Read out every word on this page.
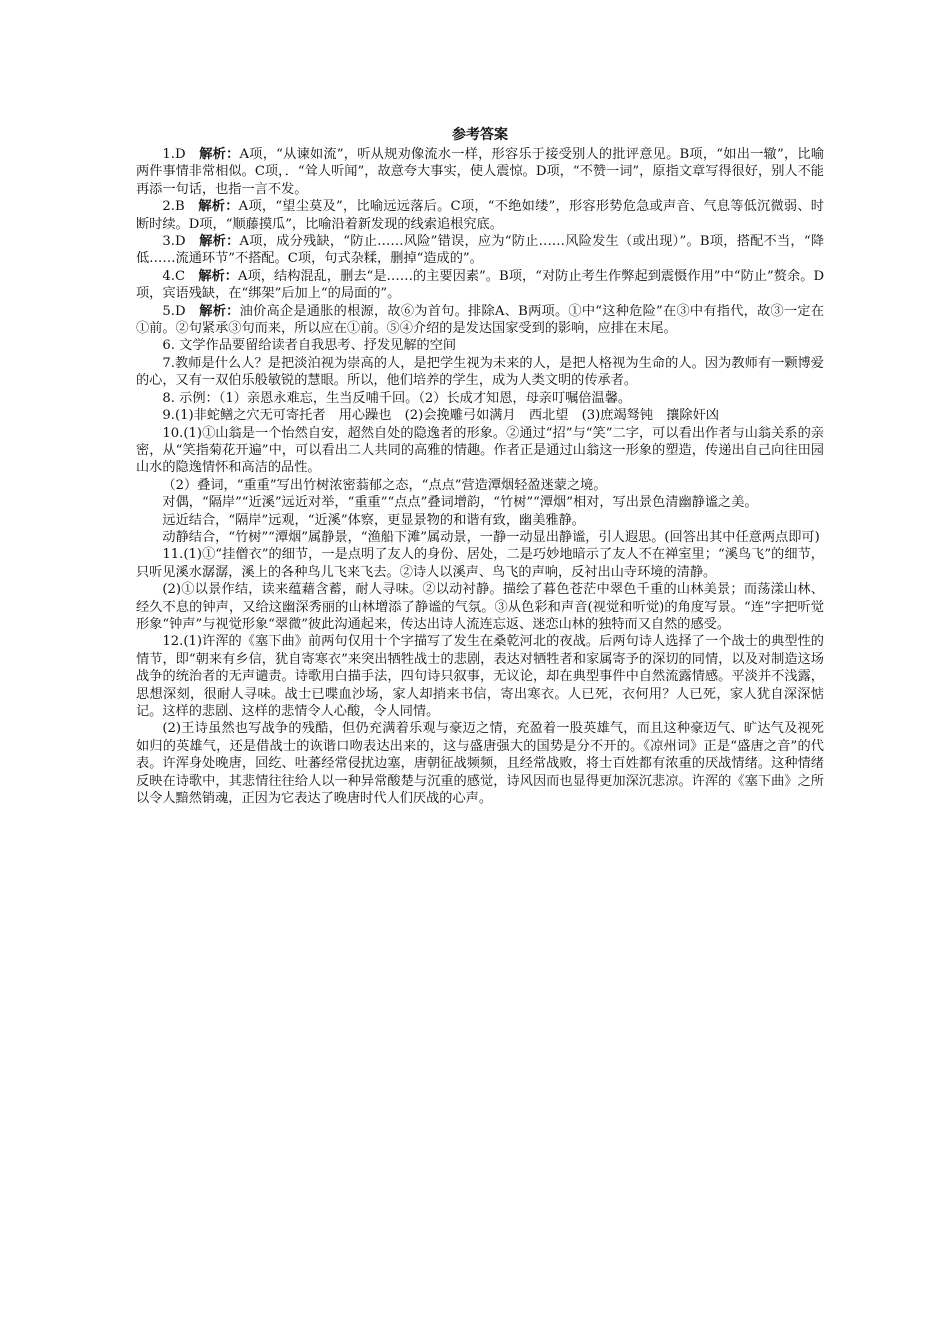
参考答案

1.D　 解析：A项，“从谏如流”，听从规劝像流水一样，形容乐于接受别人的批评意见。B项，“如出一辙”，比喻两件事情非常相似。C项，．“耸人听闻”，故意夸大事实，使人震惊。D项，“不赞一词”，原指文章写得很好，别人不能再添一句话，也指一言不发。

2.B　 解析：A项，“望尘莫及”，比喻远远落后。C项，“不绝如缕”，形容形势危急或声音、气息等低沉微弱、时断时续。D项，“顺藤摸瓜”，比喻沿着新发现的线索追根究底。

3.D　 解析：A项，成分残缺，“防止……风险”错误，应为“防止……风险发生（或出现）”。B项，搭配不当，“降低……流通环节”不搭配。C项，句式杂糅，删掉“造成的”。

4.C　 解析：A项，结构混乱，删去“是……的主要因素”。B项，“对防止考生作弊起到震慑作用”中“防止”赘余。D项，宾语残缺，在“绑架”后加上“的局面的”。

5.D　 解析：油价高企是通胀的根源，故⑥为首句。排除A、B两项。①中“这种危险”在③中有指代，故③一定在①前。②句紧承③句而来，所以应在①前。⑤④介绍的是发达国家受到的影响，应排在末尾。

6. 文学作品要留给读者自我思考、抒发见解的空间

7.教师是什么人？是把淡泊视为崇高的人，是把学生视为未来的人，是把人格视为生命的人。因为教师有一颗博爱的心，又有一双伯乐般敏锐的慧眼。所以，他们培养的学生，成为人类文明的传承者。

8. 示例：（1）亲恩永难忘，生当反哺千回。（2）长成才知恩，母亲叮嘱倍温馨。

9.(1)非蛇鳝之穴无可寄托者　用心躁也　(2)会挽雕弓如满月　西北望　(3)庶竭驽钝　攘除奸凶

10.(1)①山翁是一个怡然自安，超然自处的隐逸者的形象。②通过“招”与“笑”二字，可以看出作者与山翁关系的亲密，从“笑指菊花开遍”中，可以看出二人共同的高雅的情趣。作者正是通过山翁这一形象的塑造，传递出自己向往田园山水的隐逸情怀和高洁的品性。

（2）叠词，“重重”写出竹树浓密蓊郁之态，“点点”营造潭烟轻盈迷蒙之境。

对偶，“隔岸”“近溪”远近对举，“重重”“点点”叠词增韵，“竹树”“潭烟”相对，写出景色清幽静谧之美。

远近结合，“隔岸”远观，“近溪”体察，更显景物的和谐有致，幽美雅静。

动静结合，“竹树”“潭烟”属静景，“渔船下滩”属动景，一静一动显出静谧，引人遐思。(回答出其中任意两点即可)

11.(1)①“挂僧衣”的细节，一是点明了友人的身份、居处，二是巧妙地暗示了友人不在禅室里；“溪鸟飞”的细节，只听见溪水潺潺，溪上的各种鸟儿飞来飞去。②诗人以溪声、鸟飞的声响，反衬出山寺环境的清静。

(2)①以景作结，读来蕴藉含蓄，耐人寻味。②以动衬静。描绘了暮色苍茫中翠色千重的山林美景；而荡漾山林、经久不息的钟声，又给这幽深秀丽的山林增添了静谧的气氛。③从色彩和声音(视觉和听觉)的角度写景。“连”字把听觉形象“钟声”与视觉形象“翠微”彼此沟通起来，传达出诗人流连忘返、迷恋山林的独特而又自然的感受。

12.(1)许浑的《塞下曲》前两句仅用十个字描写了发生在桑乾河北的夜战。后两句诗人选择了一个战士的典型性的情节，即“朝来有乡信，犹自寄寒衣”来突出牺牲战士的悲剧，表达对牺牲者和家属寄予的深切的同情，以及对制造这场战争的统治者的无声谴责。诗歌用白描手法，四句诗只叙事，无议论，却在典型事件中自然流露情感。平淡并不浅露，思想深刻，很耐人寻味。战士已喋血沙场，家人却捎来书信，寄出寒衣。人已死，衣何用？人已死，家人犹自深深惦记。这样的悲剧、这样的悲情令人心酸，令人同情。

(2)王诗虽然也写战争的残酷，但仍充满着乐观与豪迈之情，充盈着一股英雄气，而且这种豪迈气、旷达气及视死如归的英雄气，还是借战士的诙谐口吻表达出来的，这与盛唐强大的国势是分不开的。《凉州词》正是“盛唐之音”的代表。许浑身处晚唐，回纥、吐蕃经常侵扰边塞，唐朝征战频频，且经常战败，将士百姓都有浓重的厌战情绪。这种情绪反映在诗歌中，其悲情往往给人以一种异常酸楚与沉重的感觉，诗风因而也显得更加深沉悲凉。许浑的《塞下曲》之所以令人黯然销魂，正因为它表达了晚唐时代人们厌战的心声。
